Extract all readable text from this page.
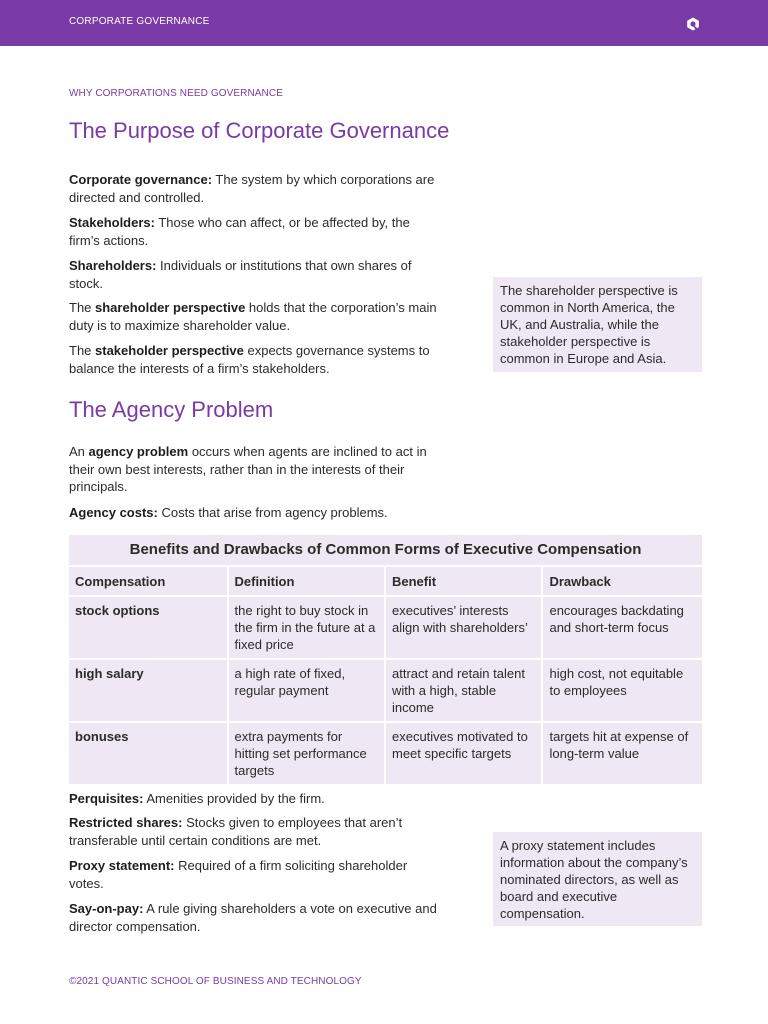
CORPORATE GOVERNANCE
WHY CORPORATIONS NEED GOVERNANCE
The Purpose of Corporate Governance

Corporate governance: The system by which corporations are directed and controlled.

Stakeholders: Those who can affect, or be affected by, the firm’s actions.

Shareholders: Individuals or institutions that own shares of stock.

The shareholder perspective holds that the corporation’s main duty is to maximize shareholder value.

The stakeholder perspective expects governance systems to balance the interests of a firm’s stakeholders.

The shareholder perspective is common in North America, the UK, and Australia, while the stakeholder perspective is common in Europe and Asia.
The Agency Problem

An agency problem occurs when agents are inclined to act in their own best interests, rather than in the interests of their principals.

Agency costs: Costs that arise from agency problems.

Benefits and Drawbacks of Common Forms of Executive Compensation
Compensation	Definition	Benefit	Drawback
stock options	the right to buy stock in the firm in the future at a fixed price	executives’ interests align with shareholders’	encourages backdating and short-term focus
high salary	a high rate of fixed, regular payment	attract and retain talent with a high, stable income	high cost, not equitable to employees
bonuses	extra payments for hitting set performance targets	executives motivated to meet specific targets	targets hit at expense of long-term value

Perquisites: Amenities provided by the firm.

Restricted shares: Stocks given to employees that aren’t transferable until certain conditions are met.

Proxy statement: Required of a firm soliciting shareholder votes.

Say-on-pay: A rule giving shareholders a vote on executive and director compensation.

A proxy statement includes information about the company’s nominated directors, as well as board and executive compensation.
©2021 QUANTIC SCHOOL OF BUSINESS AND TECHNOLOGY
